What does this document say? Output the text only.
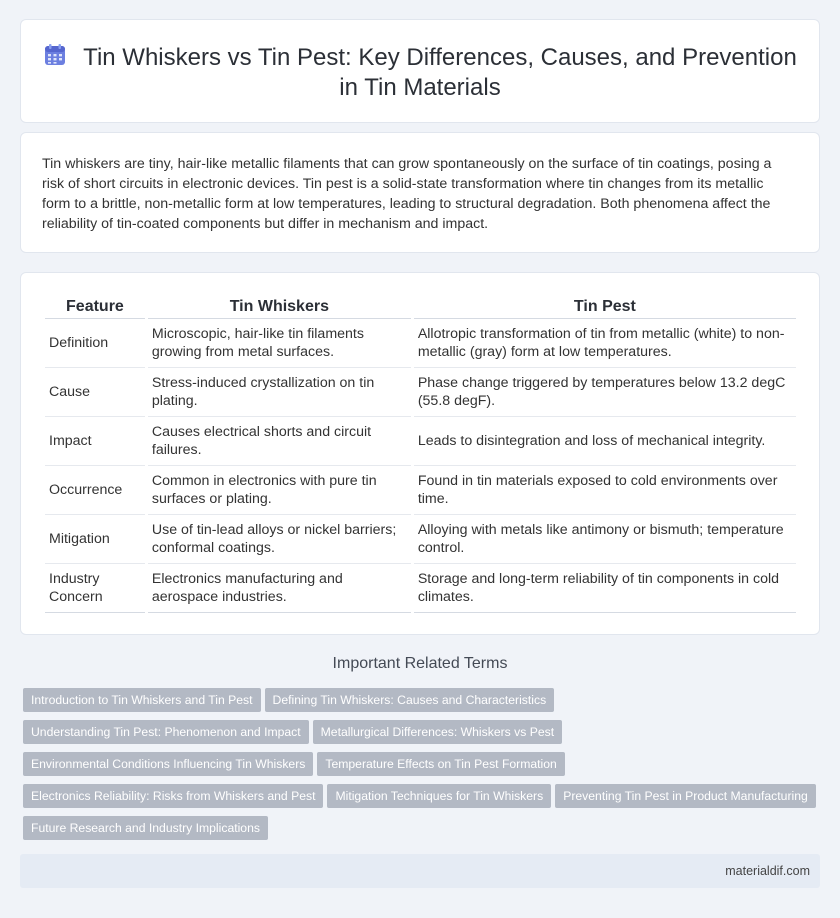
Tin Whiskers vs Tin Pest: Key Differences, Causes, and Prevention in Tin Materials

Tin whiskers are tiny, hair-like metallic filaments that can grow spontaneously on the surface of tin coatings, posing a risk of short circuits in electronic devices. Tin pest is a solid-state transformation where tin changes from its metallic form to a brittle, non-metallic form at low temperatures, leading to structural degradation. Both phenomena affect the reliability of tin-coated components but differ in mechanism and impact.

Feature	Tin Whiskers	Tin Pest
Definition	Microscopic, hair-like tin filaments growing from metal surfaces.	Allotropic transformation of tin from metallic (white) to non-metallic (gray) form at low temperatures.
Cause	Stress-induced crystallization on tin plating.	Phase change triggered by temperatures below 13.2 degC (55.8 degF).
Impact	Causes electrical shorts and circuit failures.	Leads to disintegration and loss of mechanical integrity.
Occurrence	Common in electronics with pure tin surfaces or plating.	Found in tin materials exposed to cold environments over time.
Mitigation	Use of tin-lead alloys or nickel barriers; conformal coatings.	Alloying with metals like antimony or bismuth; temperature control.
Industry Concern	Electronics manufacturing and aerospace industries.	Storage and long-term reliability of tin components in cold climates.
Important Related Terms
Introduction to Tin Whiskers and Tin Pest Defining Tin Whiskers: Causes and Characteristics
Understanding Tin Pest: Phenomenon and Impact Metallurgical Differences: Whiskers vs Pest
Environmental Conditions Influencing Tin Whiskers Temperature Effects on Tin Pest Formation
Electronics Reliability: Risks from Whiskers and Pest Mitigation Techniques for Tin Whiskers Preventing Tin Pest in Product Manufacturing
Future Research and Industry Implications
materialdif.com
